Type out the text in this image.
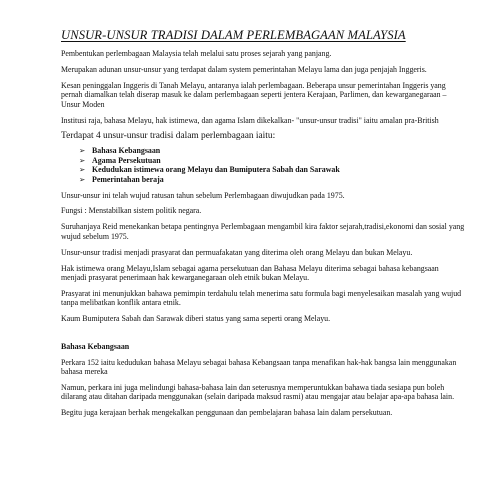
UNSUR-UNSUR TRADISI DALAM PERLEMBAGAAN MALAYSIA

Pembentukan perlembagaan Malaysia telah melalui satu proses sejarah yang panjang.

Merupakan adunan unsur-unsur yang terdapat dalam system pemerintahan Melayu lama dan juga penjajah Inggeris.

Kesan peninggalan Inggeris di Tanah Melayu, antaranya ialah perlembagaan. Beberapa unsur pemerintahan Inggeris yang pernah diamalkan telah diserap masuk ke dalam perlembagaan seperti jentera Kerajaan, Parlimen, dan kewarganegaraan – Unsur Moden

Institusi raja, bahasa Melayu, hak istimewa, dan agama Islam dikekalkan- "unsur-unsur tradisi" iaitu amalan pra-British

Terdapat 4 unsur-unsur tradisi dalam perlembagaan iaitu:

➢ Bahasa Kebangsaan
➢ Agama Persekutuan
➢ Kedudukan istimewa orang Melayu dan Bumiputera Sabah dan Sarawak
➢ Pemerintahan beraja

Unsur-unsur ini telah wujud ratusan tahun sebelum Perlembagaan diwujudkan pada 1975.

Fungsi : Menstabilkan sistem politik negara.

Suruhanjaya Reid menekankan betapa pentingnya Perlembagaan mengambil kira faktor sejarah,tradisi,ekonomi dan sosial yang wujud sebelum 1975.

Unsur-unsur tradisi menjadi prasyarat dan permuafakatan yang diterima oleh orang Melayu dan bukan Melayu.

Hak istimewa orang Melayu,Islam sebagai agama persekutuan dan Bahasa Melayu diterima sebagai bahasa kebangsaan menjadi prasyarat penerimaan hak kewarganegaraan oleh etnik bukan Melayu.

Prasyarat ini menunjukkan bahawa pemimpin terdahulu telah menerima satu formula bagi menyelesaikan masalah yang wujud tanpa melibatkan konflik antara etnik.

Kaum Bumiputera Sabah dan Sarawak diberi status yang sama seperti orang Melayu.

Bahasa Kebangsaan

Perkara 152 iaitu kedudukan bahasa Melayu sebagai bahasa Kebangsaan tanpa menafikan hak-hak bangsa lain menggunakan bahasa mereka

Namun, perkara ini juga melindungi bahasa-bahasa lain dan seterusnya memperuntukkan bahawa tiada sesiapa pun boleh dilarang atau ditahan daripada menggunakan (selain daripada maksud rasmi) atau mengajar atau belajar apa-apa bahasa lain.

Begitu juga kerajaan berhak mengekalkan penggunaan dan pembelajaran bahasa lain dalam persekutuan.
